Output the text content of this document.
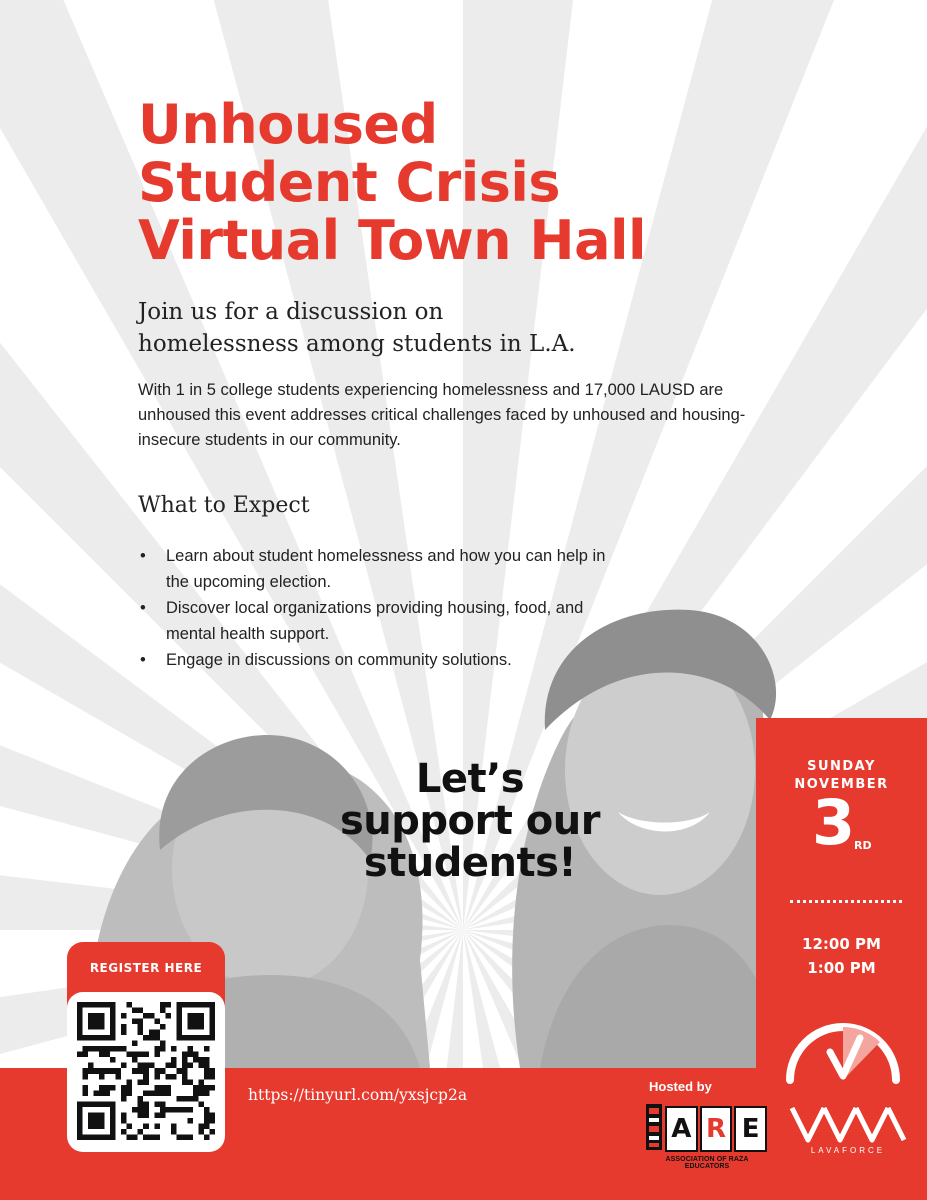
Unhoused
Student Crisis
Virtual Town Hall
Join us for a discussion on
homelessness among students in L.A.

With 1 in 5 college students experiencing homelessness and 17,000 LAUSD are unhoused this event addresses critical challenges faced by unhoused and housing-insecure students in our community.

What to Expect
• Learn about student homelessness and how you can help in the upcoming election.
• Discover local organizations providing housing, food, and mental health support.
• Engage in discussions on community solutions.
Let’s
support our
students!
SUNDAY
NOVEMBER
3
RD
12:00 PM
1:00 PM
REGISTER HERE
https://tinyurl.com/yxsjcp2a	Hosted by
A R E
ASSOCIATION OF RAZA EDUCATORS
LAVAFORCE
